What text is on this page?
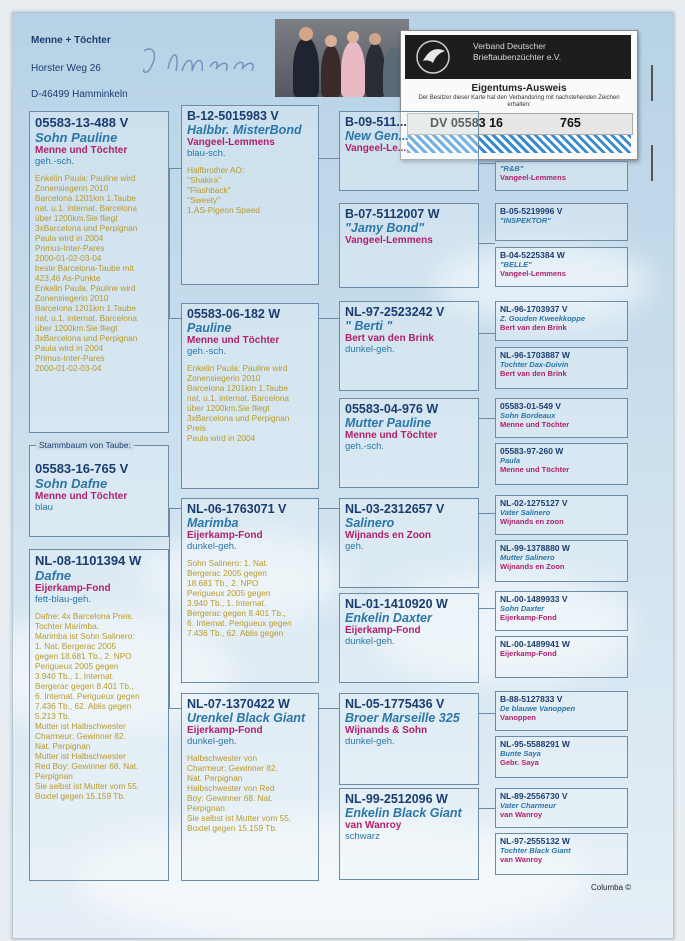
Menne + Töchter
Horster Weg 26
D-46499 Hamminkeln
Verband Deutscher
Brieftaubenzüchter e.V.
Eigentums-Ausweis
Der Besitzer dieser Karte hat den Verbandsring mit nachstehenden Zeichen erhalten:
DV 05583 16	765
05583-13-488 V
Sohn Pauline
Menne und Töchter
geh.-sch.
Enkelin Paula: Pauline wird Zonensiegerin 2010
Barcelona 1201km 1.Taube
nat. u.1. internat. Barcelona
über 1200km.Sie fliegt
3xBarcelona und Perpignan
Paula wird in 2004
Primus-Inter-Pares
2000-01-02-03-04
beste Barcelona-Taube mit
423,46 As-Punkte
Enkelin Paula. Pauline wird
Zonensiegerin 2010
Barcelona 1201km 1.Taube
nat. u.1. internat. Barcelona
über 1200km.Sie fliegt
3xBarcelona und Perpignan
Paula wird in 2004
Primus-Inter-Pares
2000-01-02-03-04
Stammbaum von Taube:
05583-16-765 V
Sohn Dafne
Menne und Töchter
blau
NL-08-1101394 W
Dafne
Eijerkamp-Fond
fett-blau-geh.
Dafne: 4x Barcelona Preis.
Tochter Marimba.
Marimba ist Sohn Salinero:
1. Nat. Bergerac 2005
gegen 18.681 Tb., 2. NPO
Perigueux 2005 gegen
3.940 Tb., 1. Internat.
Bergerac gegen 8.401 Tb.,
6. Internat. Perigueux gegen
7.436 Tb., 62. Ablis gegen
5.213 Tb.
Mutter ist Halbschwester
Charmeur: Gewinner 82.
Nat. Perpignan
Mutter ist Halbschwester
Red Boy: Gewinner 68. Nat.
Perpignan
Sie selbst ist Mutter vom 55.
Boxtel gegen 15.159 Tb.
B-12-5015983 V
Halbbr. MisterBond
Vangeel-Lemmens
blau-sch.
Halfbrother AO:
"Shakira"
"Flashback"
"Sweety"
1.AS-Pigeon Speed
05583-06-182 W
Pauline
Menne und Töchter
geh.-sch.
Enkelin Paula: Pauline wird
Zonensiegerin 2010
Barcelona 1201km 1.Taube
nat. u.1. internat. Barcelona
über 1200km.Sie fliegt
3xBarcelona und Perpignan
Preis
Paula wird in 2004
NL-06-1763071 V
Marimba
Eijerkamp-Fond
dunkel-geh.
Sohn Salinero: 1. Nat.
Bergerac 2005 gegen
18.681 Tb., 2. NPO
Perigueux 2005 gegen
3.940 Tb., 1. Internat.
Bergerac gegen 8.401 Tb.,
6. Internat. Perigueux gegen
7.436 Tb., 62. Ablis gegen
NL-07-1370422 W
Urenkel Black Giant
Eijerkamp-Fond
dunkel-geh.
Halbschwester von
Charmeur: Gewinner 82.
Nat. Perpignan
Halbschwester von Red
Boy: Gewinner 68. Nat.
Perpignan
Sie selbst ist Mutter vom 55.
Boxtel gegen 15.159 Tb.
B-09-511...
New Gen...
Vangeel-Le...
B-07-5112007 W
"Jamy Bond"
Vangeel-Lemmens
NL-97-2523242 V
" Berti "
Bert van den Brink
dunkel-geh.
05583-04-976 W
Mutter Pauline
Menne und Töchter
geh.-sch.
NL-03-2312657 V
Salinero
Wijnands en Zoon
geh.
NL-01-1410920 W
Enkelin Daxter
Eijerkamp-Fond
dunkel-geh.
NL-05-1775436 V
Broer Marseille 325
Wijnands & Sohn
dunkel-geh.
NL-99-2512096 W
Enkelin Black Giant
van Wanroy
schwarz
"R&B"
Vangeel-Lemmens
B-05-5219996 V
"INSPEKTOR"
B-04-5225384 W
"BELLE"
Vangeel-Lemmens
NL-96-1703937 V
Z. Gouden Kweekkoppe
Bert van den Brink
NL-96-1703887 W
Tochter Dax-Duivin
Bert van den Brink
05583-01-549 V
Sohn Bordeaux
Menne und Töchter
05583-97-260 W
Paula
Menne und Töchter
NL-02-1275127 V
Vater Salinero
Wijnands en zoon
NL-99-1378880 W
Mutter Salinero
Wijnands en Zoon
NL-00-1489933 V
Sohn Daxter
Eijerkamp-Fond
NL-00-1489941 W
Eijerkamp-Fond
B-88-5127833 V
De blauwe Vanoppen
Vanoppen
NL-95-5588291 W
Bunte Saya
Gebr. Saya
NL-89-2556730 V
Vater Charmeur
van Wanroy
NL-97-2555132 W
Tochter Black Giant
van Wanroy
Columba ©
